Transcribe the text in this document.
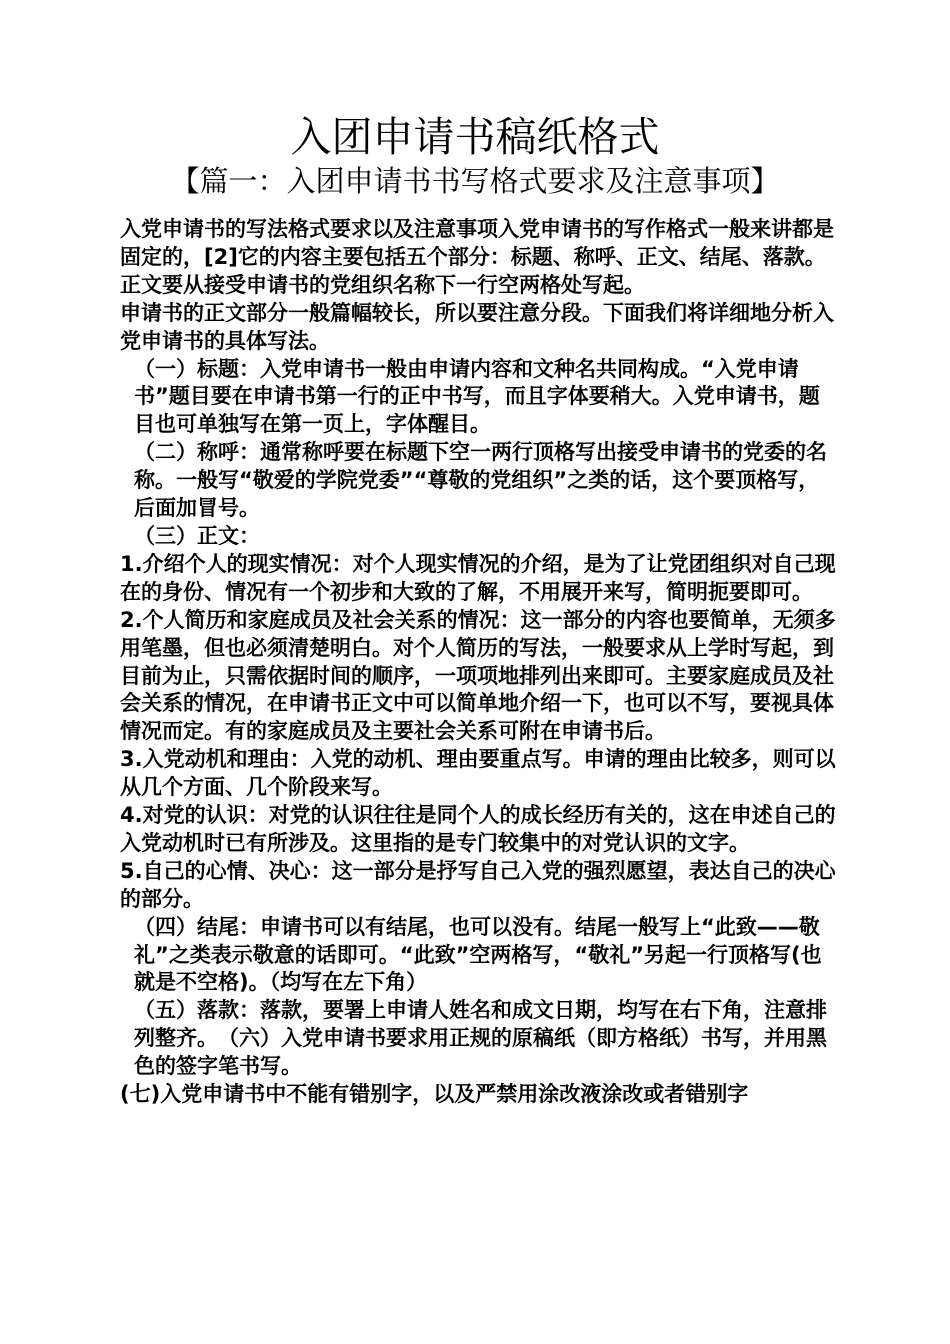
入团申请书稿纸格式
【篇一：入团申请书书写格式要求及注意事项】

入党申请书的写法格式要求以及注意事项入党申请书的写作格式一般来讲都是固定的，[2]它的内容主要包括五个部分：标题、称呼、正文、结尾、落款。

正文要从接受申请书的党组织名称下一行空两格处写起。

申请书的正文部分一般篇幅较长，所以要注意分段。下面我们将详细地分析入党申请书的具体写法。

（一）标题：入党申请书一般由申请内容和文种名共同构成。“入党申请书”题目要在申请书第一行的正中书写，而且字体要稍大。入党申请书，题目也可单独写在第一页上，字体醒目。

（二）称呼：通常称呼要在标题下空一两行顶格写出接受申请书的党委的名称。一般写“敬爱的学院党委”“尊敬的党组织”之类的话，这个要顶格写，后面加冒号。

（三）正文：

1.介绍个人的现实情况：对个人现实情况的介绍，是为了让党团组织对自己现在的身份、情况有一个初步和大致的了解，不用展开来写，简明扼要即可。

2.个人简历和家庭成员及社会关系的情况：这一部分的内容也要简单，无须多用笔墨，但也必须清楚明白。对个人简历的写法，一般要求从上学时写起，到目前为止，只需依据时间的顺序，一项项地排列出来即可。主要家庭成员及社会关系的情况，在申请书正文中可以简单地介绍一下，也可以不写，要视具体情况而定。有的家庭成员及主要社会关系可附在申请书后。

3.入党动机和理由：入党的动机、理由要重点写。申请的理由比较多，则可以从几个方面、几个阶段来写。

4.对党的认识：对党的认识往往是同个人的成长经历有关的，这在申述自己的入党动机时已有所涉及。这里指的是专门较集中的对党认识的文字。

5.自己的心情、决心：这一部分是抒写自己入党的强烈愿望，表达自己的决心的部分。

（四）结尾：申请书可以有结尾，也可以没有。结尾一般写上“此致——敬礼”之类表示敬意的话即可。“此致”空两格写，“敬礼”另起一行顶格写(也就是不空格)。（均写在左下角）

（五）落款：落款，要署上申请人姓名和成文日期，均写在右下角，注意排列整齐。　（六）入党申请书要求用正规的原稿纸（即方格纸）书写，并用黑色的签字笔书写。

(七)入党申请书中不能有错别字，以及严禁用涂改液涂改或者错别字
